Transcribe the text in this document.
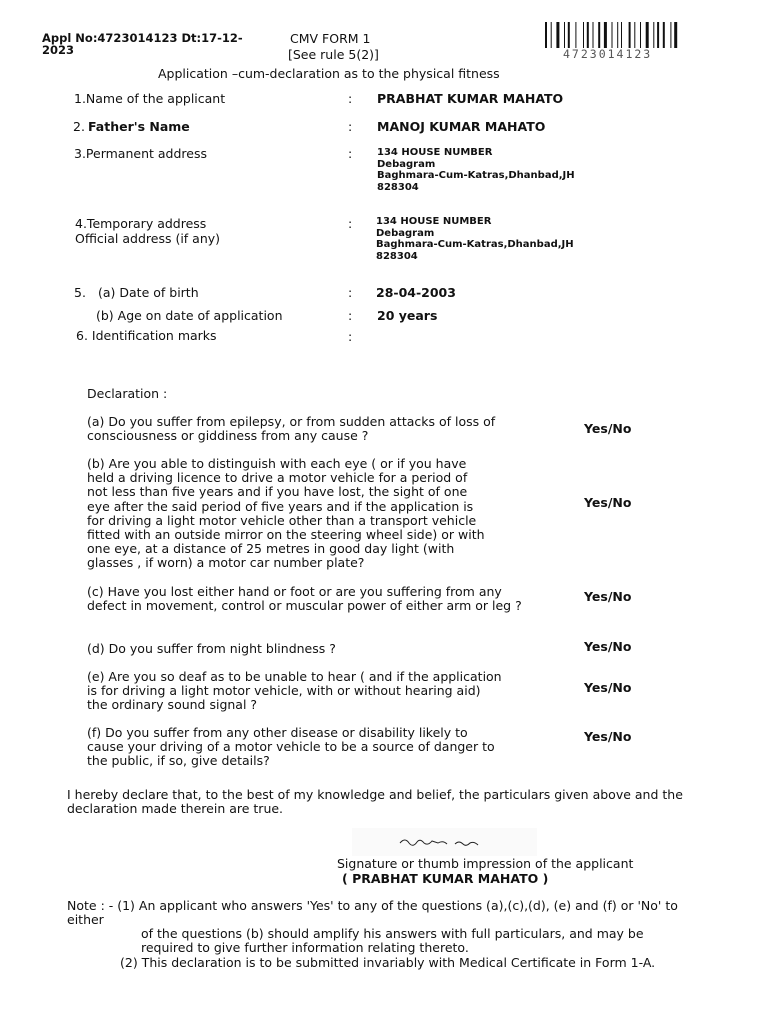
Appl No:4723014123 Dt:17-12-
2023
CMV FORM 1
[See rule 5(2)]
Application –cum-declaration as to the physical fitness
4723014123
1.Name of the applicant	: PRABHAT KUMAR MAHATO
2. Father's Name	: MANOJ KUMAR MAHATO
3.Permanent address	: 134 HOUSE NUMBER
Debagram
Baghmara-Cum-Katras,Dhanbad,JH
828304
4.Temporary address
Official address (if any)
: 134 HOUSE NUMBER
Debagram
Baghmara-Cum-Katras,Dhanbad,JH
828304
5. (a) Date of birth	: 28-04-2003
(b) Age on date of application	: 20 years
6. Identification marks	:
Declaration :
(a) Do you suffer from epilepsy, or from sudden attacks of loss of consciousness or giddiness from any cause ?	Yes/No
(b) Are you able to distinguish with each eye ( or if you have held a driving licence to drive a motor vehicle for a period of not less than five years and if you have lost, the sight of one eye after the said period of five years and if the application is for driving a light motor vehicle other than a transport vehicle fitted with an outside mirror on the steering wheel side) or with one eye, at a distance of 25 metres in good day light (with glasses , if worn) a motor car number plate?
Yes/No
(c) Have you lost either hand or foot or are you suffering from any defect in movement, control or muscular power of either arm or leg ?
Yes/No
(d) Do you suffer from night blindness ?	Yes/No
(e) Are you so deaf as to be unable to hear ( and if the application is for driving a light motor vehicle, with or without hearing aid) the ordinary sound signal ?
Yes/No
(f) Do you suffer from any other disease or disability likely to cause your driving of a motor vehicle to be a source of danger to the public, if so, give details?
Yes/No
I hereby declare that, to the best of my knowledge and belief, the particulars given above and the
declaration made therein are true.
Signature or thumb impression of the applicant
( PRABHAT KUMAR MAHATO )
Note : - (1) An applicant who answers 'Yes' to any of the questions (a),(c),(d), (e) and (f) or 'No' to
either
of the questions (b) should amplify his answers with full particulars, and may be
required to give further information relating thereto.
(2) This declaration is to be submitted invariably with Medical Certificate in Form 1-A.
